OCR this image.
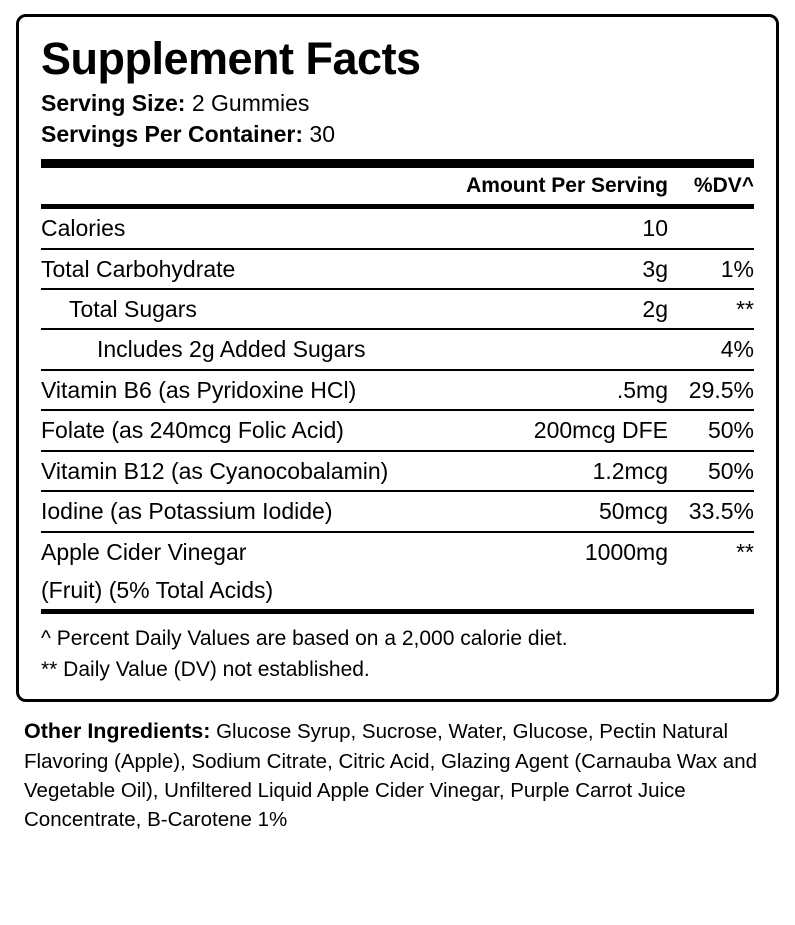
Supplement Facts
Serving Size: 2 Gummies
Servings Per Container: 30
	Amount Per Serving	%DV^
Calories	10	

Total Carbohydrate	3g	1%

Total Sugars	2g	**

Includes 2g Added Sugars		4%

Vitamin B6 (as Pyridoxine HCl)	.5mg	29.5%

Folate (as 240mcg Folic Acid)	200mcg DFE	50%

Vitamin B12 (as Cyanocobalamin)	1.2mcg	50%

Iodine (as Potassium Iodide)	50mcg	33.5%

Apple Cider Vinegar	1000mg	**
(Fruit) (5% Total Acids)		
^ Percent Daily Values are based on a 2,000 calorie diet.
** Daily Value (DV) not established.
Other Ingredients: Glucose Syrup, Sucrose, Water, Glucose, Pectin Natural Flavoring (Apple), Sodium Citrate, Citric Acid, Glazing Agent (Carnauba Wax and Vegetable Oil), Unfiltered Liquid Apple Cider Vinegar, Purple Carrot Juice Concentrate, B-Carotene 1%
